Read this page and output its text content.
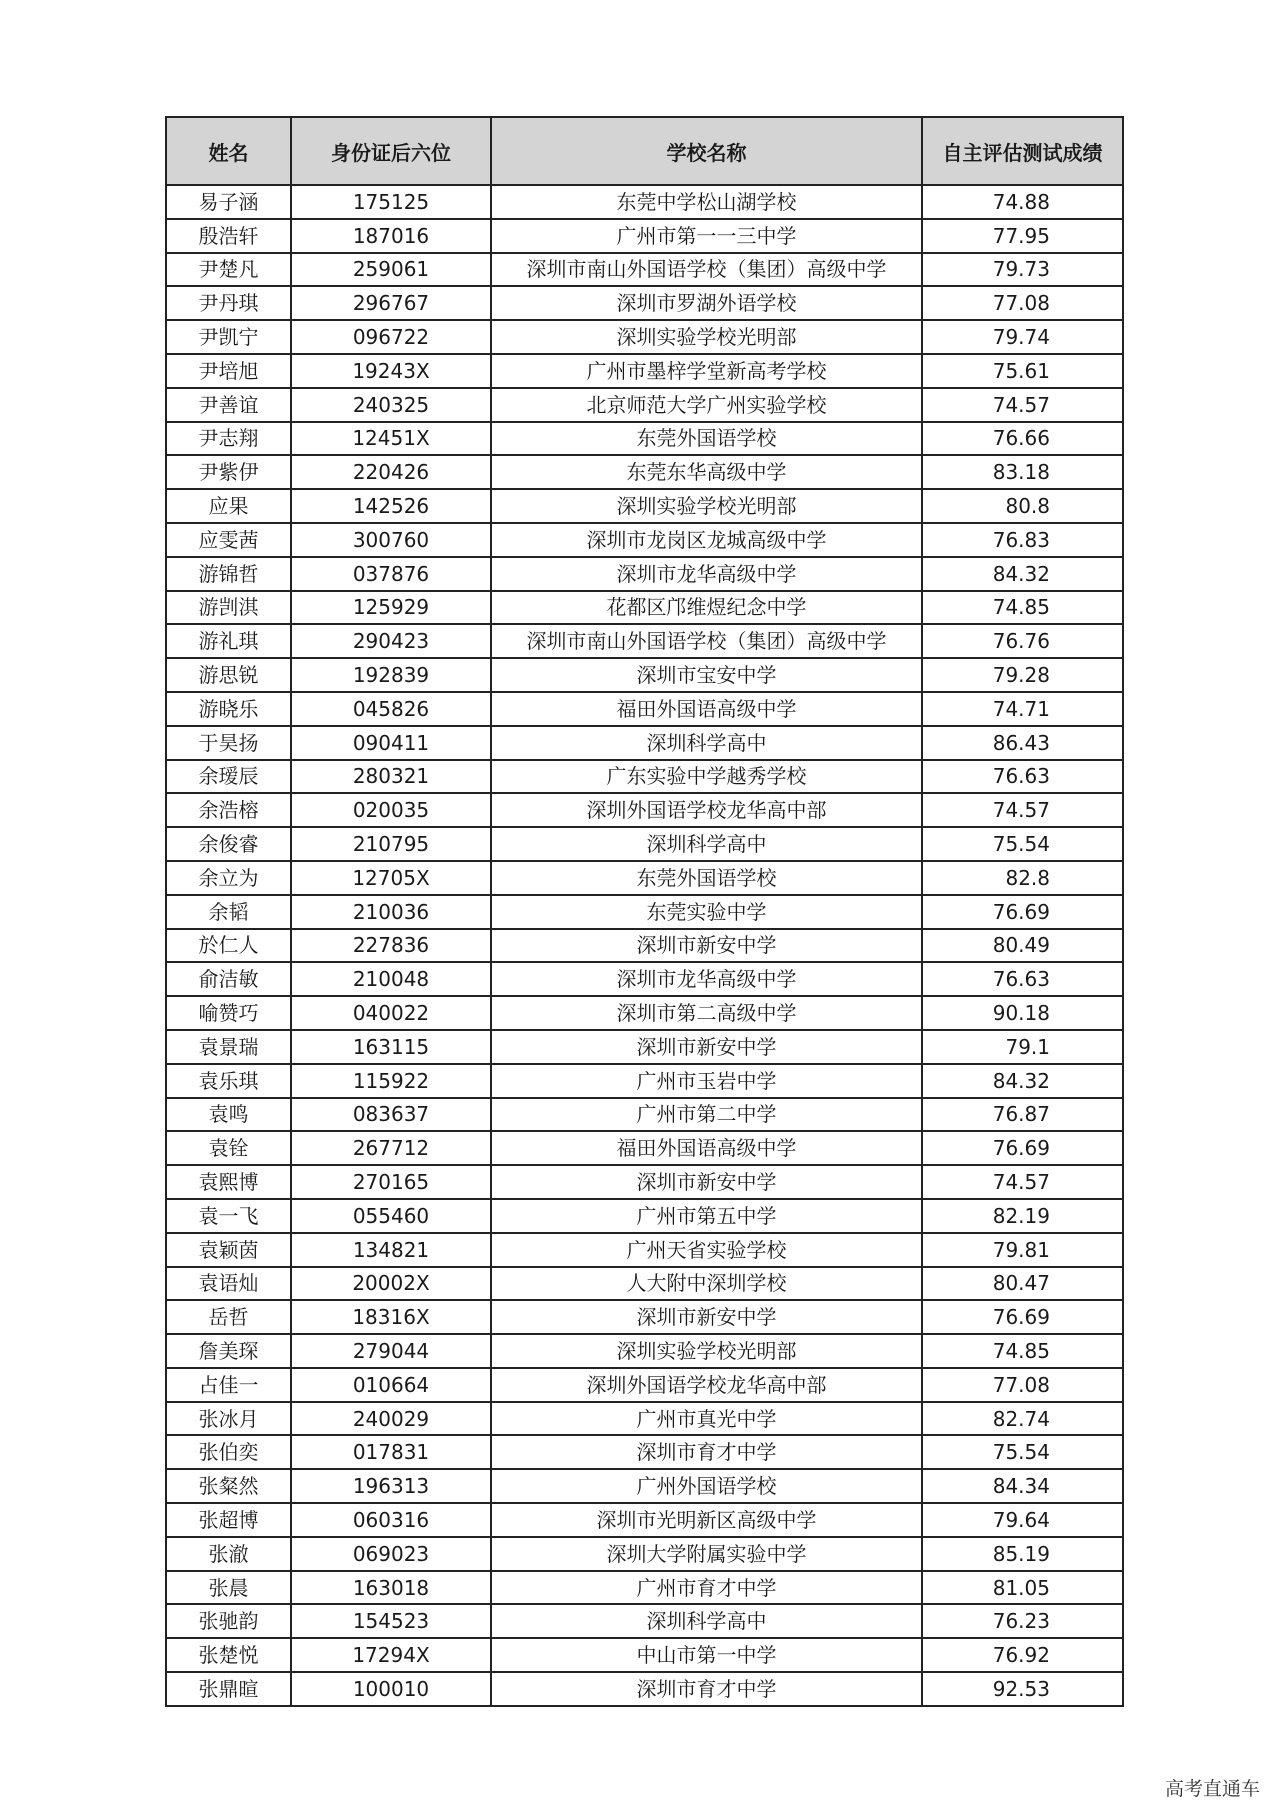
姓名	身份证后六位	学校名称	自主评估测试成绩
易子涵	175125	东莞中学松山湖学校	74.88
殷浩轩	187016	广州市第一一三中学	77.95
尹楚凡	259061	深圳市南山外国语学校（集团）高级中学	79.73
尹丹琪	296767	深圳市罗湖外语学校	77.08
尹凯宁	096722	深圳实验学校光明部	79.74
尹培旭	19243X	广州市墨梓学堂新高考学校	75.61
尹善谊	240325	北京师范大学广州实验学校	74.57
尹志翔	12451X	东莞外国语学校	76.66
尹紫伊	220426	东莞东华高级中学	83.18
应果	142526	深圳实验学校光明部	80.8
应雯茜	300760	深圳市龙岗区龙城高级中学	76.83
游锦哲	037876	深圳市龙华高级中学	84.32
游剀淇	125929	花都区邝维煜纪念中学	74.85
游礼琪	290423	深圳市南山外国语学校（集团）高级中学	76.76
游思锐	192839	深圳市宝安中学	79.28
游晓乐	045826	福田外国语高级中学	74.71
于昊扬	090411	深圳科学高中	86.43
余瑷辰	280321	广东实验中学越秀学校	76.63
余浩榕	020035	深圳外国语学校龙华高中部	74.57
余俊睿	210795	深圳科学高中	75.54
余立为	12705X	东莞外国语学校	82.8
余韬	210036	东莞实验中学	76.69
於仁人	227836	深圳市新安中学	80.49
俞洁敏	210048	深圳市龙华高级中学	76.63
喻赞巧	040022	深圳市第二高级中学	90.18
袁景瑞	163115	深圳市新安中学	79.1
袁乐琪	115922	广州市玉岩中学	84.32
袁鸣	083637	广州市第二中学	76.87
袁铨	267712	福田外国语高级中学	76.69
袁熙博	270165	深圳市新安中学	74.57
袁一飞	055460	广州市第五中学	82.19
袁颖茵	134821	广州天省实验学校	79.81
袁语灿	20002X	人大附中深圳学校	80.47
岳哲	18316X	深圳市新安中学	76.69
詹美琛	279044	深圳实验学校光明部	74.85
占佳一	010664	深圳外国语学校龙华高中部	77.08
张冰月	240029	广州市真光中学	82.74
张伯奕	017831	深圳市育才中学	75.54
张粲然	196313	广州外国语学校	84.34
张超博	060316	深圳市光明新区高级中学	79.64
张澈	069023	深圳大学附属实验中学	85.19
张晨	163018	广州市育才中学	81.05
张驰韵	154523	深圳科学高中	76.23
张楚悦	17294X	中山市第一中学	76.92
张鼎暄	100010	深圳市育才中学	92.53
高考直通车
